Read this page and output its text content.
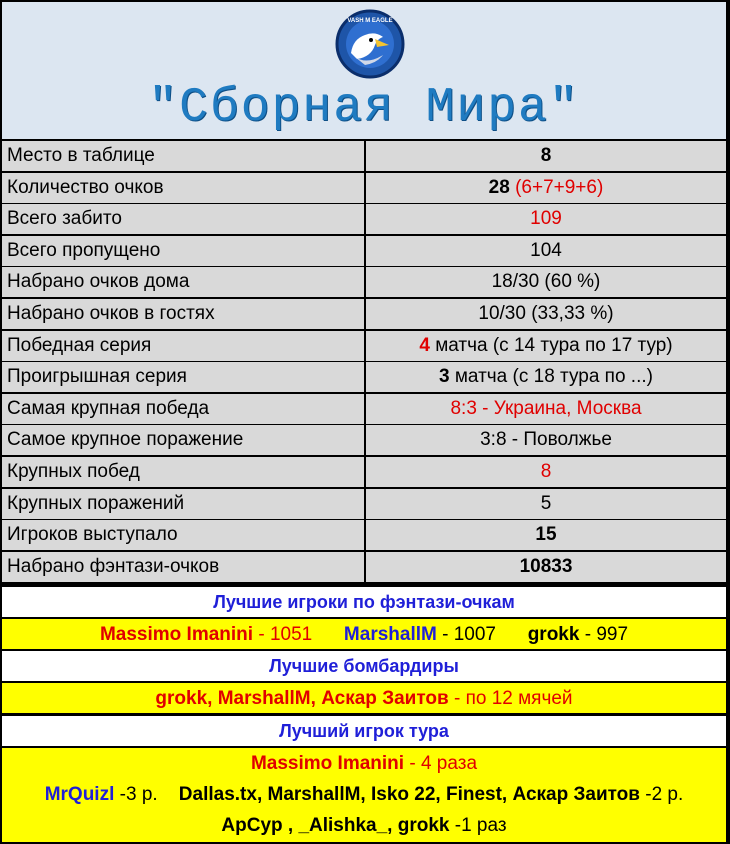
VASH M EAGLE
"Сборная Мира"
Место в таблице	8
Количество очков	28 (6+7+9+6)
Всего забито	109
Всего пропущено	104
Набрано очков дома	18/30 (60 %)
Набрано очков в гостях	10/30 (33,33 %)
Победная серия	4 матча (с 14 тура по 17 тур)
Проигрышная серия	3 матча (с 18 тура по ...)
Самая крупная победа	8:3 - Украина, Москва
Самое крупное поражение	3:8 - Поволжье
Крупных побед	8
Крупных поражений	5
Игроков выступало	15
Набрано фэнтази-очков	10833
Лучшие игроки по фэнтази-очкам
Massimo Imanini - 1051 MarshallM - 1007 grokk - 997
Лучшие бомбардиры
grokk, MarshallM, Аскар Заитов - по 12 мячей
Лучший игрок тура
Massimo Imanini - 4 раза
MrQuizl -3 р.    Dallas.tx, MarshallM, Isko 22, Finest, Аскар Заитов -2 р.
ApCyp , _Alishka_, grokk -1 раз
